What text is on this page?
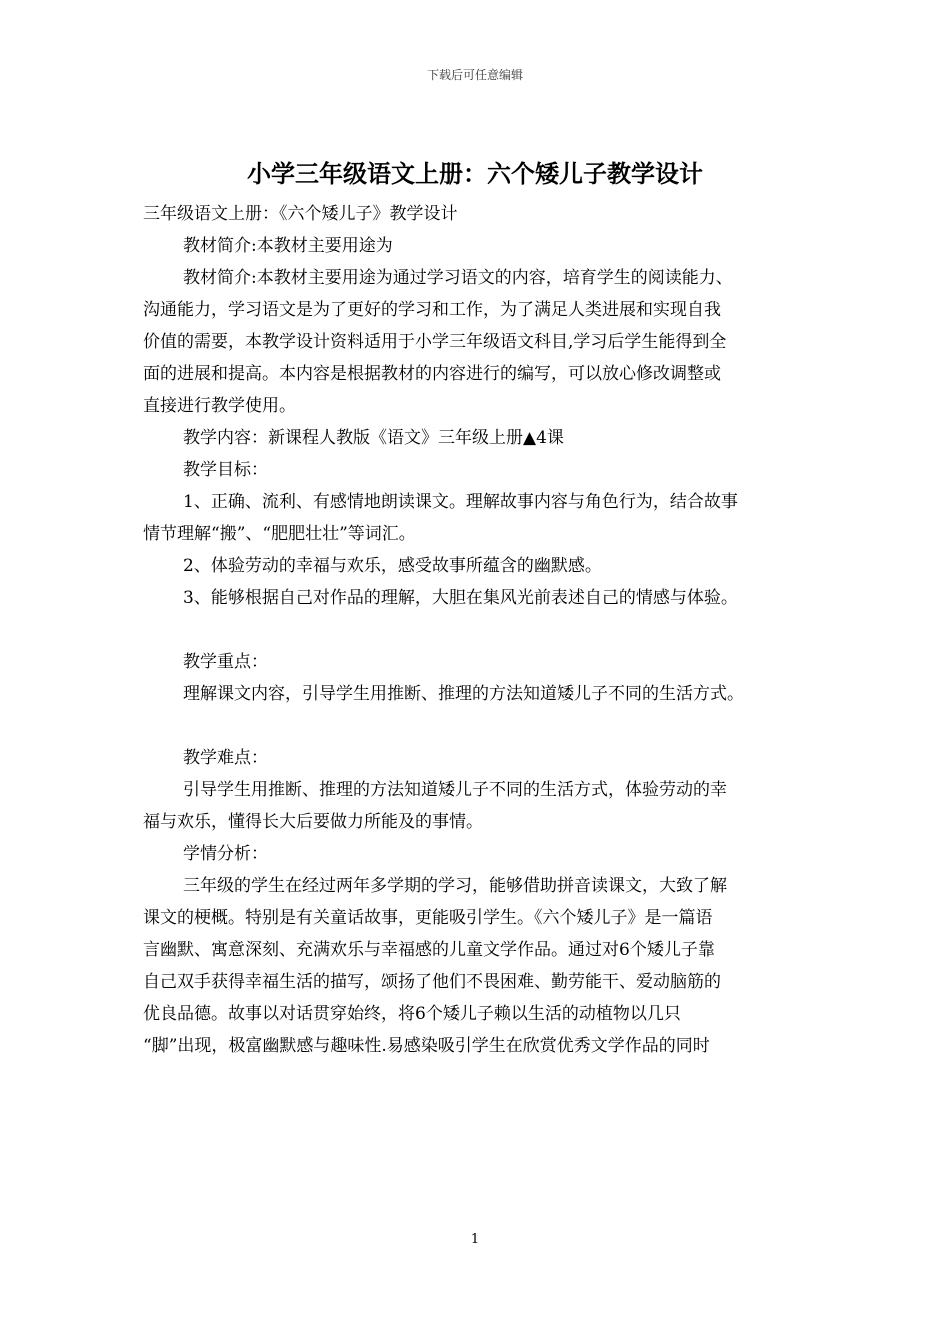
下载后可任意编辑
小学三年级语文上册：六个矮儿子教学设计
三年级语文上册：《六个矮儿子》教学设计
教材简介:本教材主要用途为
教材简介:本教材主要用途为通过学习语文的内容，培育学生的阅读能力、
沟通能力，学习语文是为了更好的学习和工作，为了满足人类进展和实现自我
价值的需要，本教学设计资料适用于小学三年级语文科目,学习后学生能得到全
面的进展和提高。本内容是根据教材的内容进行的编写，可以放心修改调整或
直接进行教学使用。
教学内容：新课程人教版《语文》三年级上册▲4课
教学目标：
1、正确、流利、有感情地朗读课文。理解故事内容与角色行为，结合故事
情节理解“搬”、“肥肥壮壮”等词汇。
2、体验劳动的幸福与欢乐，感受故事所蕴含的幽默感。
3、能够根据自己对作品的理解，大胆在集风光前表述自己的情感与体验。
教学重点：
理解课文内容，引导学生用推断、推理的方法知道矮儿子不同的生活方式。
教学难点：
引导学生用推断、推理的方法知道矮儿子不同的生活方式，体验劳动的幸
福与欢乐，懂得长大后要做力所能及的事情。
学情分析：
三年级的学生在经过两年多学期的学习，能够借助拼音读课文，大致了解
课文的梗概。特别是有关童话故事，更能吸引学生。《六个矮儿子》是一篇语
言幽默、寓意深刻、充满欢乐与幸福感的儿童文学作品。通过对6个矮儿子靠
自己双手获得幸福生活的描写，颂扬了他们不畏困难、勤劳能干、爱动脑筋的
优良品德。故事以对话贯穿始终，将6个矮儿子赖以生活的动植物以几只
“脚”出现，极富幽默感与趣味性.易感染吸引学生在欣赏优秀文学作品的同时
1
